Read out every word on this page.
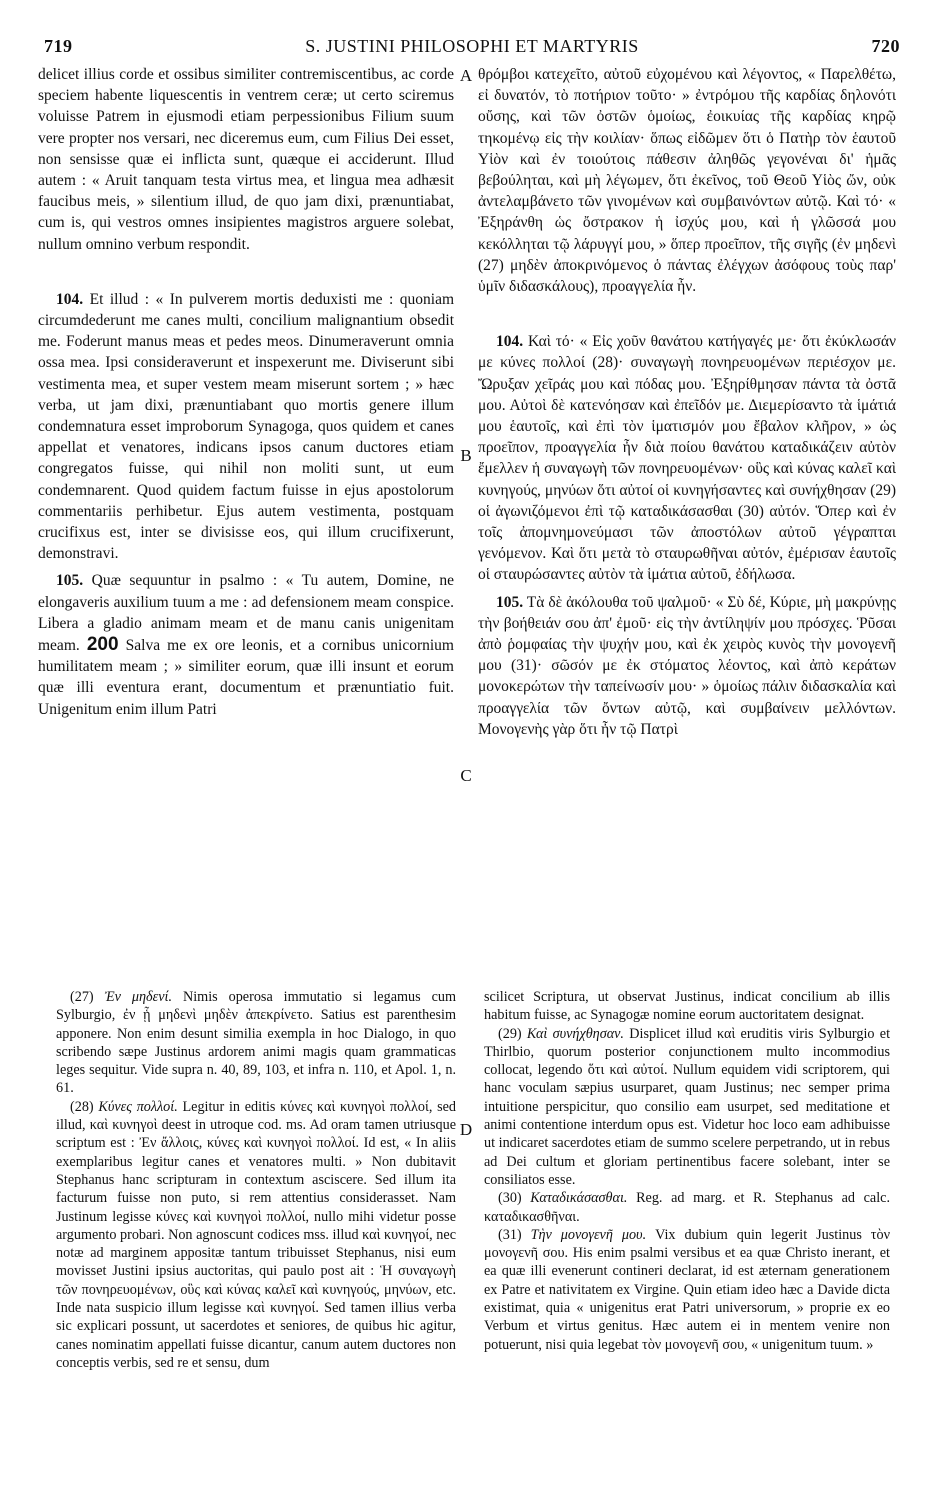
719	S. JUSTINI PHILOSOPHI ET MARTYRIS	720

delicet illius corde et ossibus similiter contremiscentibus, ac corde speciem habente liquescentis in ventrem ceræ; ut certo sciremus voluisse Patrem in ejusmodi etiam perpessionibus Filium suum vere propter nos versari, nec diceremus eum, cum Filius Dei esset, non sensisse quæ ei inflicta sunt, quæque ei acciderunt. Illud autem : « Aruit tanquam testa virtus mea, et lingua mea adhæsit faucibus meis, » silentium illud, de quo jam dixi, prænuntiabat, cum is, qui vestros omnes insipientes magistros arguere solebat, nullum omnino verbum respondit.

104. Et illud : « In pulverem mortis deduxisti me : quoniam circumdederunt me canes multi, concilium malignantium obsedit me. Foderunt manus meas et pedes meos. Dinumeraverunt omnia ossa mea. Ipsi consideraverunt et inspexerunt me. Diviserunt sibi vestimenta mea, et super vestem meam miserunt sortem ; » hæc verba, ut jam dixi, prænuntiabant quo mortis genere illum condemnatura esset improborum Synagoga, quos quidem et canes appellat et venatores, indicans ipsos canum ductores etiam congregatos fuisse, qui nihil non moliti sunt, ut eum condemnarent. Quod quidem factum fuisse in ejus apostolorum commentariis perhibetur. Ejus autem vestimenta, postquam crucifixus est, inter se divisisse eos, qui illum crucifixerunt, demonstravi.

105. Quæ sequuntur in psalmo : « Tu autem, Domine, ne elongaveris auxilium tuum a me : ad defensionem meam conspice. Libera a gladio animam meam et de manu canis unigenitam meam. 200 Salva me ex ore leonis, et a cornibus unicornium humilitatem meam ; » similiter eorum, quæ illi insunt et eorum quæ illi eventura erant, documentum et prænuntiatio fuit. Unigenitum enim illum Patri

A
B
C
D

θρόμβοι κατεχεῖτο, αὐτοῦ εὐχομένου καὶ λέγοντος, « Παρελθέτω, εἰ δυνατόν, τὸ ποτήριον τοῦτο· » ἐντρόμου τῆς καρδίας δηλονότι οὔσης, καὶ τῶν ὀστῶν ὁμοίως, ἐοικυίας τῆς καρδίας κηρῷ τηκομένῳ εἰς τὴν κοιλίαν· ὅπως εἰδῶμεν ὅτι ὁ Πατὴρ τὸν ἑαυτοῦ Υἱὸν καὶ ἐν τοιούτοις πάθεσιν ἀληθῶς γεγονέναι δι' ἡμᾶς βεβούληται, καὶ μὴ λέγωμεν, ὅτι ἐκεῖνος, τοῦ Θεοῦ Υἱὸς ὤν, οὐκ ἀντελαμβάνετο τῶν γινομένων καὶ συμβαινόντων αὐτῷ. Καὶ τό· « Ἐξηράνθη ὡς ὄστρακον ἡ ἰσχύς μου, καὶ ἡ γλῶσσά μου κεκόλληται τῷ λάρυγγί μου, » ὅπερ προεῖπον, τῆς σιγῆς (ἐν μηδενὶ (27) μηδὲν ἀποκρινόμενος ὁ πάντας ἐλέγχων ἀσόφους τοὺς παρ' ὑμῖν διδασκάλους), προαγγελία ἦν.

104. Καὶ τό· « Εἰς χοῦν θανάτου κατήγαγές με· ὅτι ἐκύκλωσάν με κύνες πολλοί (28)· συναγωγὴ πονηρευομένων περιέσχον με. Ὤρυξαν χεῖράς μου καὶ πόδας μου. Ἐξηρίθμησαν πάντα τὰ ὀστᾶ μου. Αὐτοὶ δὲ κατενόησαν καὶ ἐπεῖδόν με. Διεμερίσαντο τὰ ἱμάτιά μου ἑαυτοῖς, καὶ ἐπὶ τὸν ἱματισμόν μου ἔβαλον κλῆρον, » ὡς προεῖπον, προαγγελία ἦν διὰ ποίου θανάτου καταδικάζειν αὐτὸν ἔμελλεν ἡ συναγωγὴ τῶν πονηρευομένων· οὓς καὶ κύνας καλεῖ καὶ κυνηγούς, μηνύων ὅτι αὐτοί οἱ κυνηγήσαντες καὶ συνήχθησαν (29) οἱ ἀγωνιζόμενοι ἐπὶ τῷ καταδικάσασθαι (30) αὐτόν. Ὅπερ καὶ ἐν τοῖς ἀπομνημονεύμασι τῶν ἀποστόλων αὐτοῦ γέγραπται γενόμενον. Καὶ ὅτι μετὰ τὸ σταυρωθῆναι αὐτόν, ἐμέρισαν ἑαυτοῖς οἱ σταυρώσαντες αὐτὸν τὰ ἱμάτια αὐτοῦ, ἐδήλωσα.

105. Τὰ δὲ ἀκόλουθα τοῦ ψαλμοῦ· « Σὺ δέ, Κύριε, μὴ μακρύνῃς τὴν βοήθειάν σου ἀπ' ἐμοῦ· εἰς τὴν ἀντίληψίν μου πρόσχες. Ῥῦσαι ἀπὸ ῥομφαίας τὴν ψυχήν μου, καὶ ἐκ χειρὸς κυνὸς τὴν μονογενῆ μου (31)· σῶσόν με ἐκ στόματος λέοντος, καὶ ἀπὸ κεράτων μονοκερώτων τὴν ταπείνωσίν μου· » ὁμοίως πάλιν διδασκαλία καὶ προαγγελία τῶν ὄντων αὐτῷ, καὶ συμβαίνειν μελλόντων. Μονογενὴς γὰρ ὅτι ἦν τῷ Πατρὶ

(27) Ἐν μηδενί. Nimis operosa immutatio si legamus cum Sylburgio, ἐν ᾗ μηδενὶ μηδὲν ἀπεκρίνετο. Satius est parenthesim apponere. Non enim desunt similia exempla in hoc Dialogo, in quo scribendo sæpe Justinus ardorem animi magis quam grammaticas leges sequitur. Vide supra n. 40, 89, 103, et infra n. 110, et Apol. 1, n. 61.

(28) Κύνες πολλοί. Legitur in editis κύνες καὶ κυνηγοὶ πολλοί, sed illud, καὶ κυνηγοὶ deest in utroque cod. ms. Ad oram tamen utriusque scriptum est : Ἐν ἄλλοις, κύνες καὶ κυνηγοὶ πολλοί. Id est, « In aliis exemplaribus legitur canes et venatores multi. » Non dubitavit Stephanus hanc scripturam in contextum asciscere. Sed illum ita facturum fuisse non puto, si rem attentius considerasset. Nam Justinum legisse κύνες καὶ κυνηγοὶ πολλοί, nullo mihi videtur posse argumento probari. Non agnoscunt codices mss. illud καὶ κυνηγοί, nec notæ ad marginem appositæ tantum tribuisset Stephanus, nisi eum movisset Justini ipsius auctoritas, qui paulo post ait : Ἡ συναγωγὴ τῶν πονηρευομένων, οὓς καὶ κύνας καλεῖ καὶ κυνηγούς, μηνύων, etc. Inde nata suspicio illum legisse καὶ κυνηγοί. Sed tamen illius verba sic explicari possunt, ut sacerdotes et seniores, de quibus hic agitur, canes nominatim appellati fuisse dicantur, canum autem ductores non conceptis verbis, sed re et sensu, dum

scilicet Scriptura, ut observat Justinus, indicat concilium ab illis habitum fuisse, ac Synagogæ nomine eorum auctoritatem designat.

(29) Καὶ συνήχθησαν. Displicet illud καὶ eruditis viris Sylburgio et Thirlbio, quorum posterior conjunctionem multo incommodius collocat, legendo ὅτι καὶ αὐτοί. Nullum equidem vidi scriptorem, qui hanc voculam sæpius usurparet, quam Justinus; nec semper prima intuitione perspicitur, quo consilio eam usurpet, sed meditatione et animi contentione interdum opus est. Videtur hoc loco eam adhibuisse ut indicaret sacerdotes etiam de summo scelere perpetrando, ut in rebus ad Dei cultum et gloriam pertinentibus facere solebant, inter se consiliatos esse.

(30) Καταδικάσασθαι. Reg. ad marg. et R. Stephanus ad calc. καταδικασθῆναι.

(31) Τὴν μονογενῆ μου. Vix dubium quin legerit Justinus τὸν μονογενῆ σου. His enim psalmi versibus et ea quæ Christo inerant, et ea quæ illi evenerunt contineri declarat, id est æternam generationem ex Patre et nativitatem ex Virgine. Quin etiam ideo hæc a Davide dicta existimat, quia « unigenitus erat Patri universorum, » proprie ex eo Verbum et virtus genitus. Hæc autem ei in mentem venire non potuerunt, nisi quia legebat τὸν μονογενῆ σου, « unigenitum tuum. »
